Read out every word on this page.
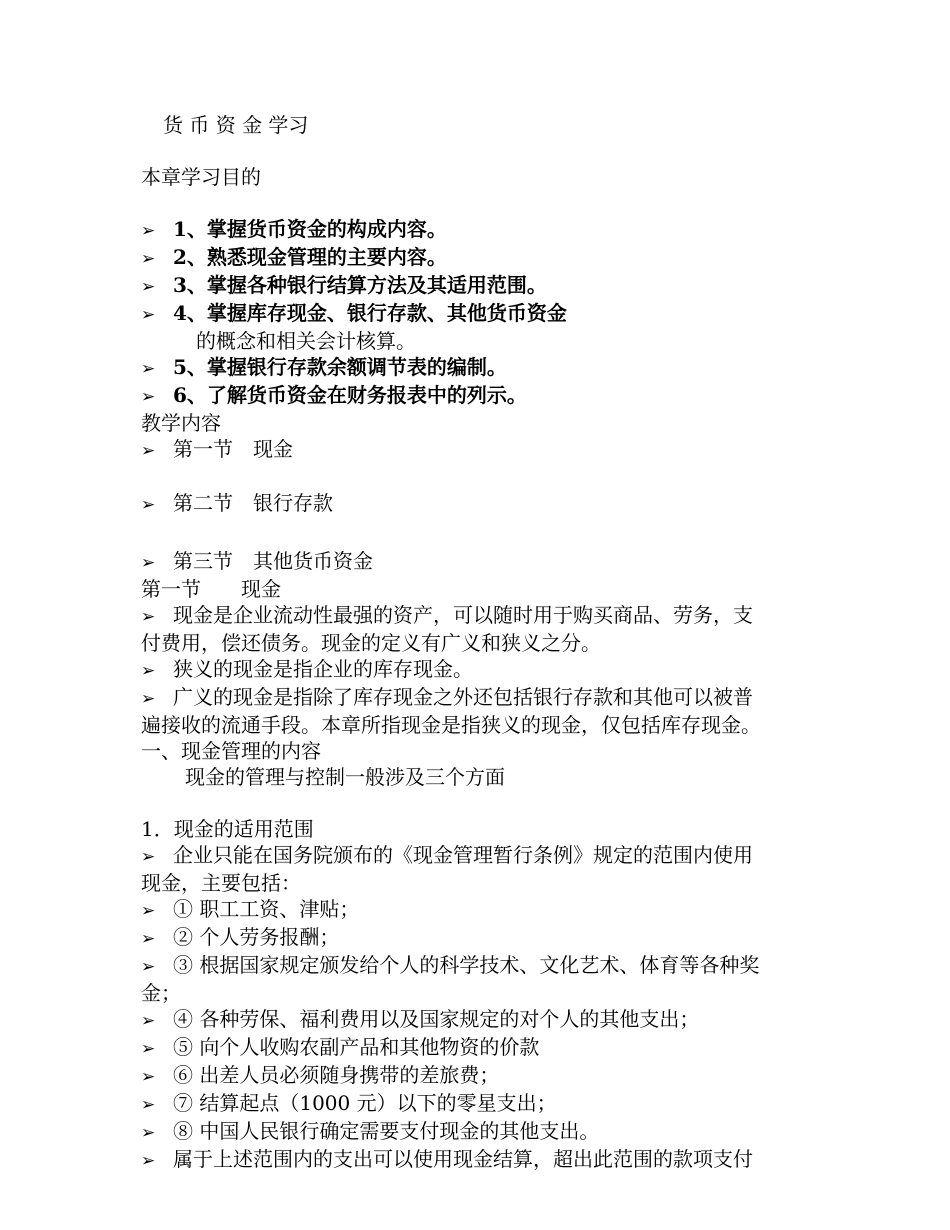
货 币 资 金 学习
本章学习目的
➢ 1、掌握货币资金的构成内容。
➢ 2、熟悉现金管理的主要内容。
➢ 3、掌握各种银行结算方法及其适用范围。
➢ 4、掌握库存现金、银行存款、其他货币资金
的概念和相关会计核算。
➢ 5、掌握银行存款余额调节表的编制。
➢ 6、了解货币资金在财务报表中的列示。
教学内容
➢ 第一节　现金
➢ 第二节　银行存款
➢ 第三节　其他货币资金
第一节　　现金
➢ 现金是企业流动性最强的资产，可以随时用于购买商品、劳务，支
付费用，偿还债务。现金的定义有广义和狭义之分。
➢ 狭义的现金是指企业的库存现金。
➢ 广义的现金是指除了库存现金之外还包括银行存款和其他可以被普
遍接收的流通手段。本章所指现金是指狭义的现金，仅包括库存现金。
一、现金管理的内容
现金的管理与控制一般涉及三个方面
1．现金的适用范围
➢ 企业只能在国务院颁布的《现金管理暂行条例》规定的范围内使用
现金，主要包括：
➢ ① 职工工资、津贴；
➢ ② 个人劳务报酬；
➢ ③ 根据国家规定颁发给个人的科学技术、文化艺术、体育等各种奖
金；
➢ ④ 各种劳保、福利费用以及国家规定的对个人的其他支出；
➢ ⑤ 向个人收购农副产品和其他物资的价款
➢ ⑥ 出差人员必须随身携带的差旅费；
➢ ⑦ 结算起点（1000 元）以下的零星支出；
➢ ⑧ 中国人民银行确定需要支付现金的其他支出。
➢ 属于上述范围内的支出可以使用现金结算，超出此范围的款项支付
